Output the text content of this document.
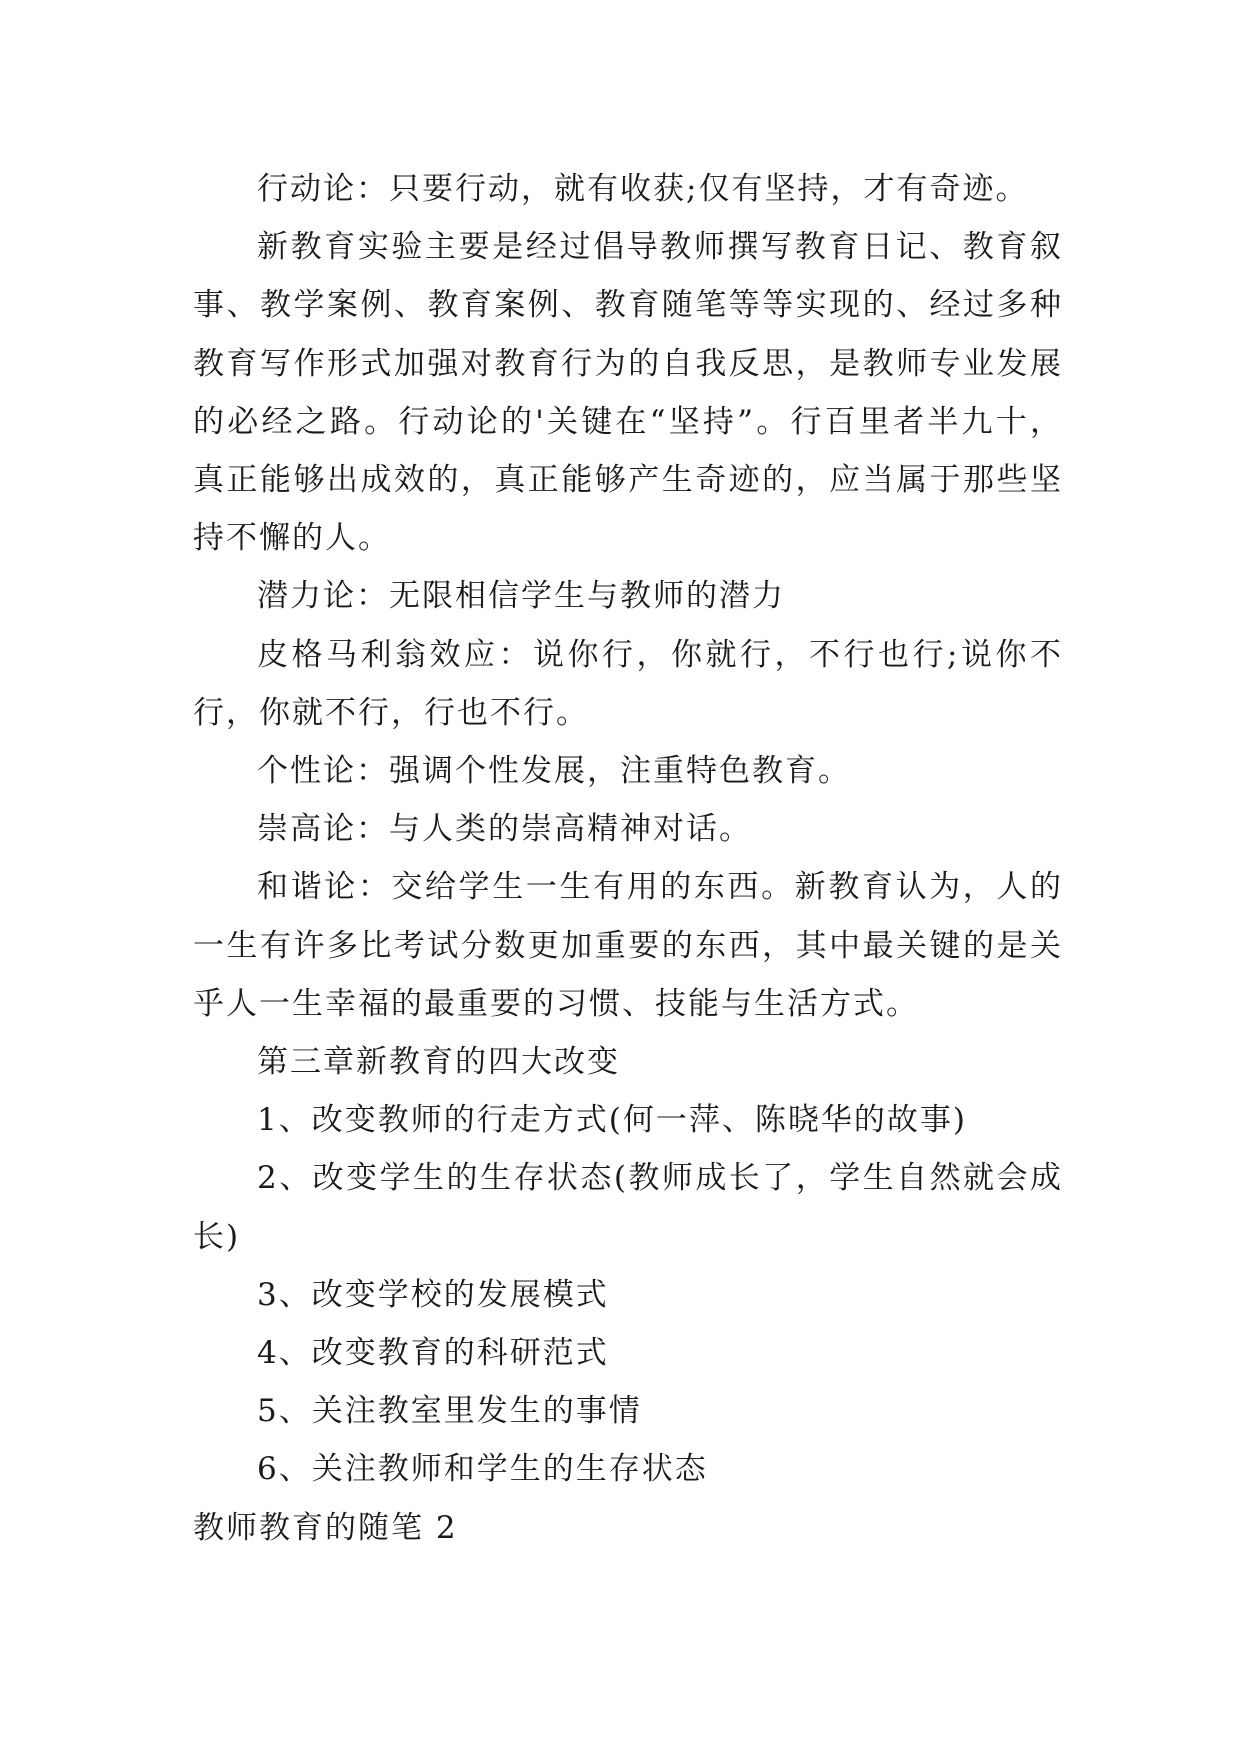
行动论：只要行动，就有收获;仅有坚持，才有奇迹。

新教育实验主要是经过倡导教师撰写教育日记、教育叙事、教学案例、教育案例、教育随笔等等实现的、经过多种教育写作形式加强对教育行为的自我反思，是教师专业发展的必经之路。行动论的'关键在“坚持”。行百里者半九十，真正能够出成效的，真正能够产生奇迹的，应当属于那些坚持不懈的人。

潜力论：无限相信学生与教师的潜力

皮格马利翁效应：说你行，你就行，不行也行;说你不行，你就不行，行也不行。

个性论：强调个性发展，注重特色教育。

崇高论：与人类的崇高精神对话。

和谐论：交给学生一生有用的东西。新教育认为，人的一生有许多比考试分数更加重要的东西，其中最关键的是关乎人一生幸福的最重要的习惯、技能与生活方式。

第三章新教育的四大改变

1、改变教师的行走方式(何一萍、陈晓华的故事)

2、改变学生的生存状态(教师成长了，学生自然就会成长)

3、改变学校的发展模式

4、改变教育的科研范式

5、关注教室里发生的事情

6、关注教师和学生的生存状态

教师教育的随笔 2
